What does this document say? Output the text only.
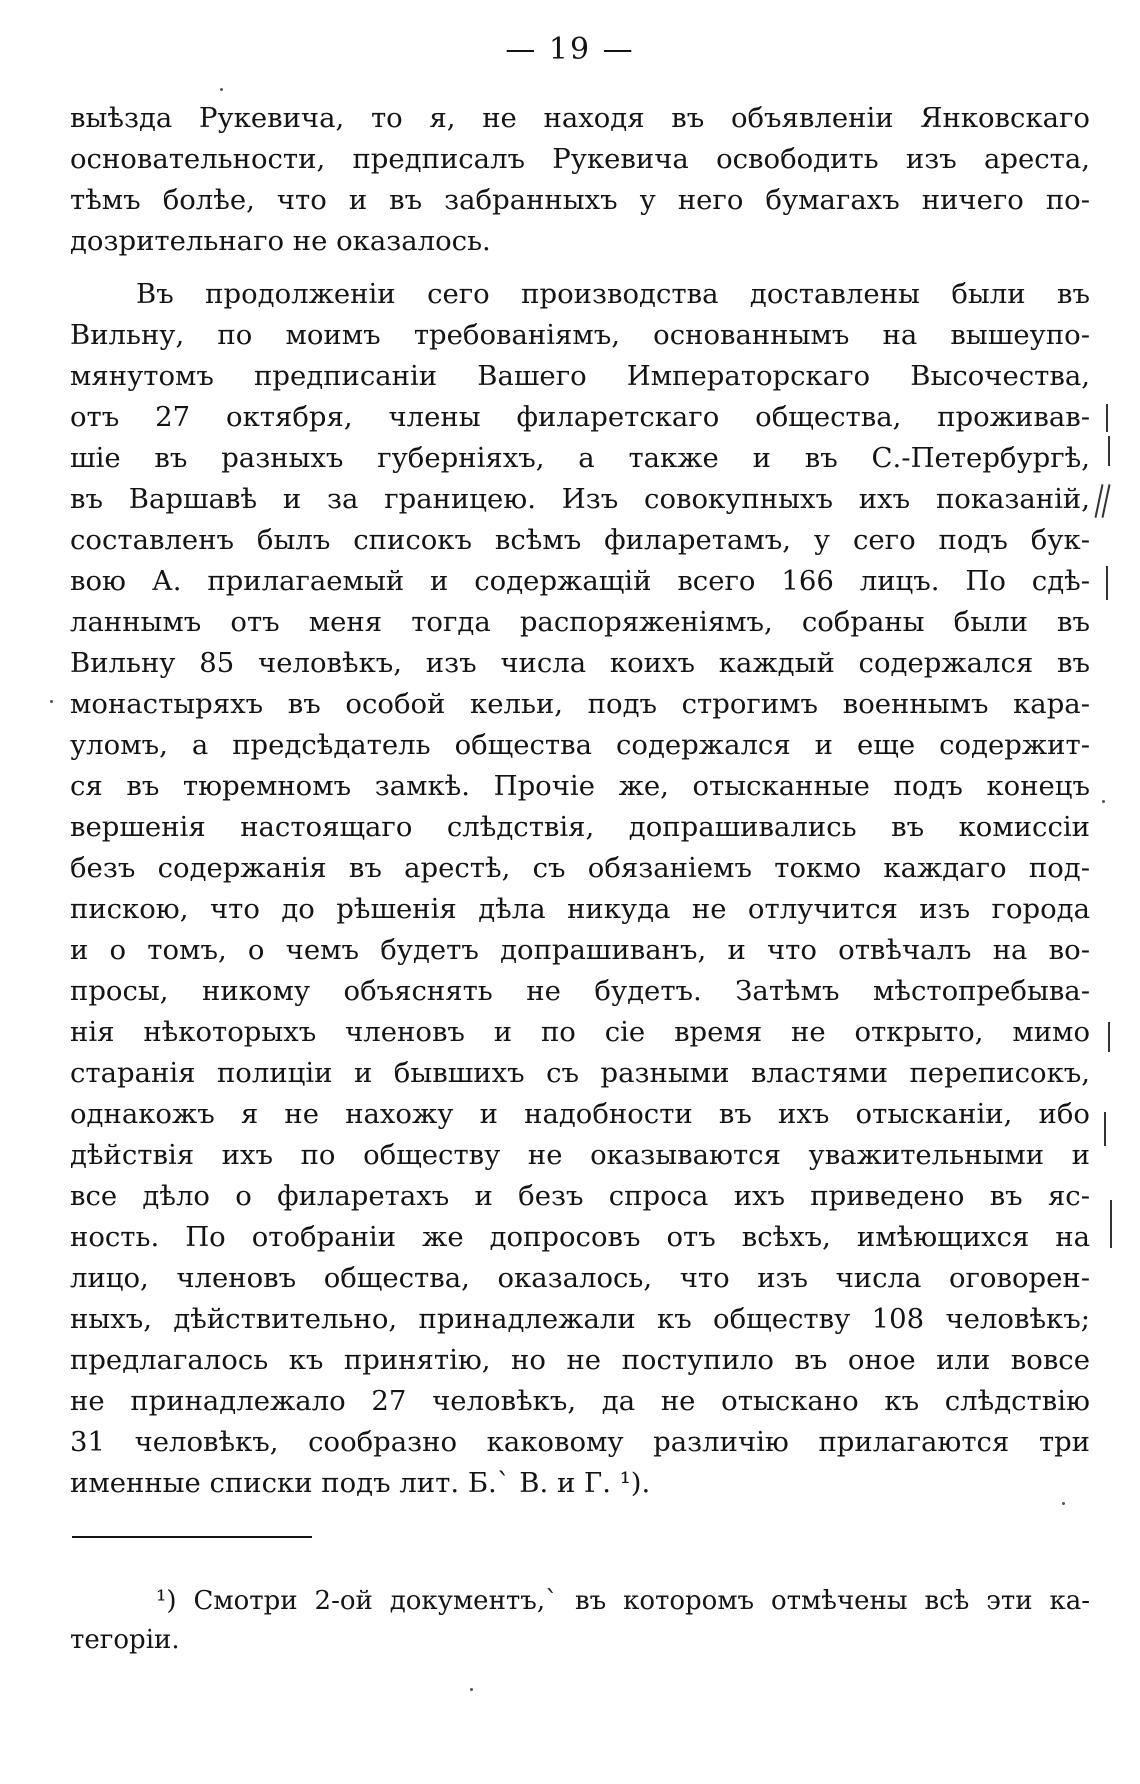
— 19 —
выѣзда Рукевича, то я, не находя въ объявленіи Янковскаго
основательности, предписалъ Рукевича освободить изъ ареста,
тѣмъ болѣе, что и въ забранныхъ у него бумагахъ ничего по-
дозрительнаго не оказалось.
Въ продолженіи сего производства доставлены были въ
Вильну, по моимъ требованіямъ, основаннымъ на вышеупо-
мянутомъ предписаніи Вашего Императорскаго Высочества,
отъ 27 октября, члены филаретскаго общества, проживав-
шіе въ разныхъ губерніяхъ, а также и въ С.-Петербургѣ,
въ Варшавѣ и за границею. Изъ совокупныхъ ихъ показаній,
составленъ былъ списокъ всѣмъ филаретамъ, у сего подъ бук-
вою А. прилагаемый и содержащій всего 166 лицъ. По сдѣ-
ланнымъ отъ меня тогда распоряженіямъ, собраны были въ
Вильну 85 человѣкъ, изъ числа коихъ каждый содержался въ
монастыряхъ въ особой кельи, подъ строгимъ военнымъ кара-
уломъ, а предсѣдатель общества содержался и еще содержит-
ся въ тюремномъ замкѣ. Прочіе же, отысканные подъ конецъ
вершенія настоящаго слѣдствія, допрашивались въ комиссіи
безъ содержанія въ арестѣ, съ обязаніемъ токмо каждаго под-
пискою, что до рѣшенія дѣла никуда не отлучится изъ города
и о томъ, о чемъ будетъ допрашиванъ, и что отвѣчалъ на во-
просы, никому объяснять не будетъ. Затѣмъ мѣстопребыва-
нія нѣкоторыхъ членовъ и по сіе время не открыто, мимо
старанія полиціи и бывшихъ съ разными властями переписокъ,
однакожъ я не нахожу и надобности въ ихъ отысканіи, ибо
дѣйствія ихъ по обществу не оказываются уважительными и
все дѣло о филаретахъ и безъ спроса ихъ приведено въ яс-
ность. По отобраніи же допросовъ отъ всѣхъ, имѣющихся на
лицо, членовъ общества, оказалось, что изъ числа оговорен-
ныхъ, дѣйствительно, принадлежали къ обществу 108 человѣкъ;
предлагалось къ принятію, но не поступило въ оное или вовсе
не принадлежало 27 человѣкъ, да не отыскано къ слѣдствію
31 человѣкъ, сообразно каковому различію прилагаются три
именные списки подъ лит. Б.` В. и Г. ¹).
¹) Смотри 2-ой документъ,` въ которомъ отмѣчены всѣ эти ка-
тегоріи.
